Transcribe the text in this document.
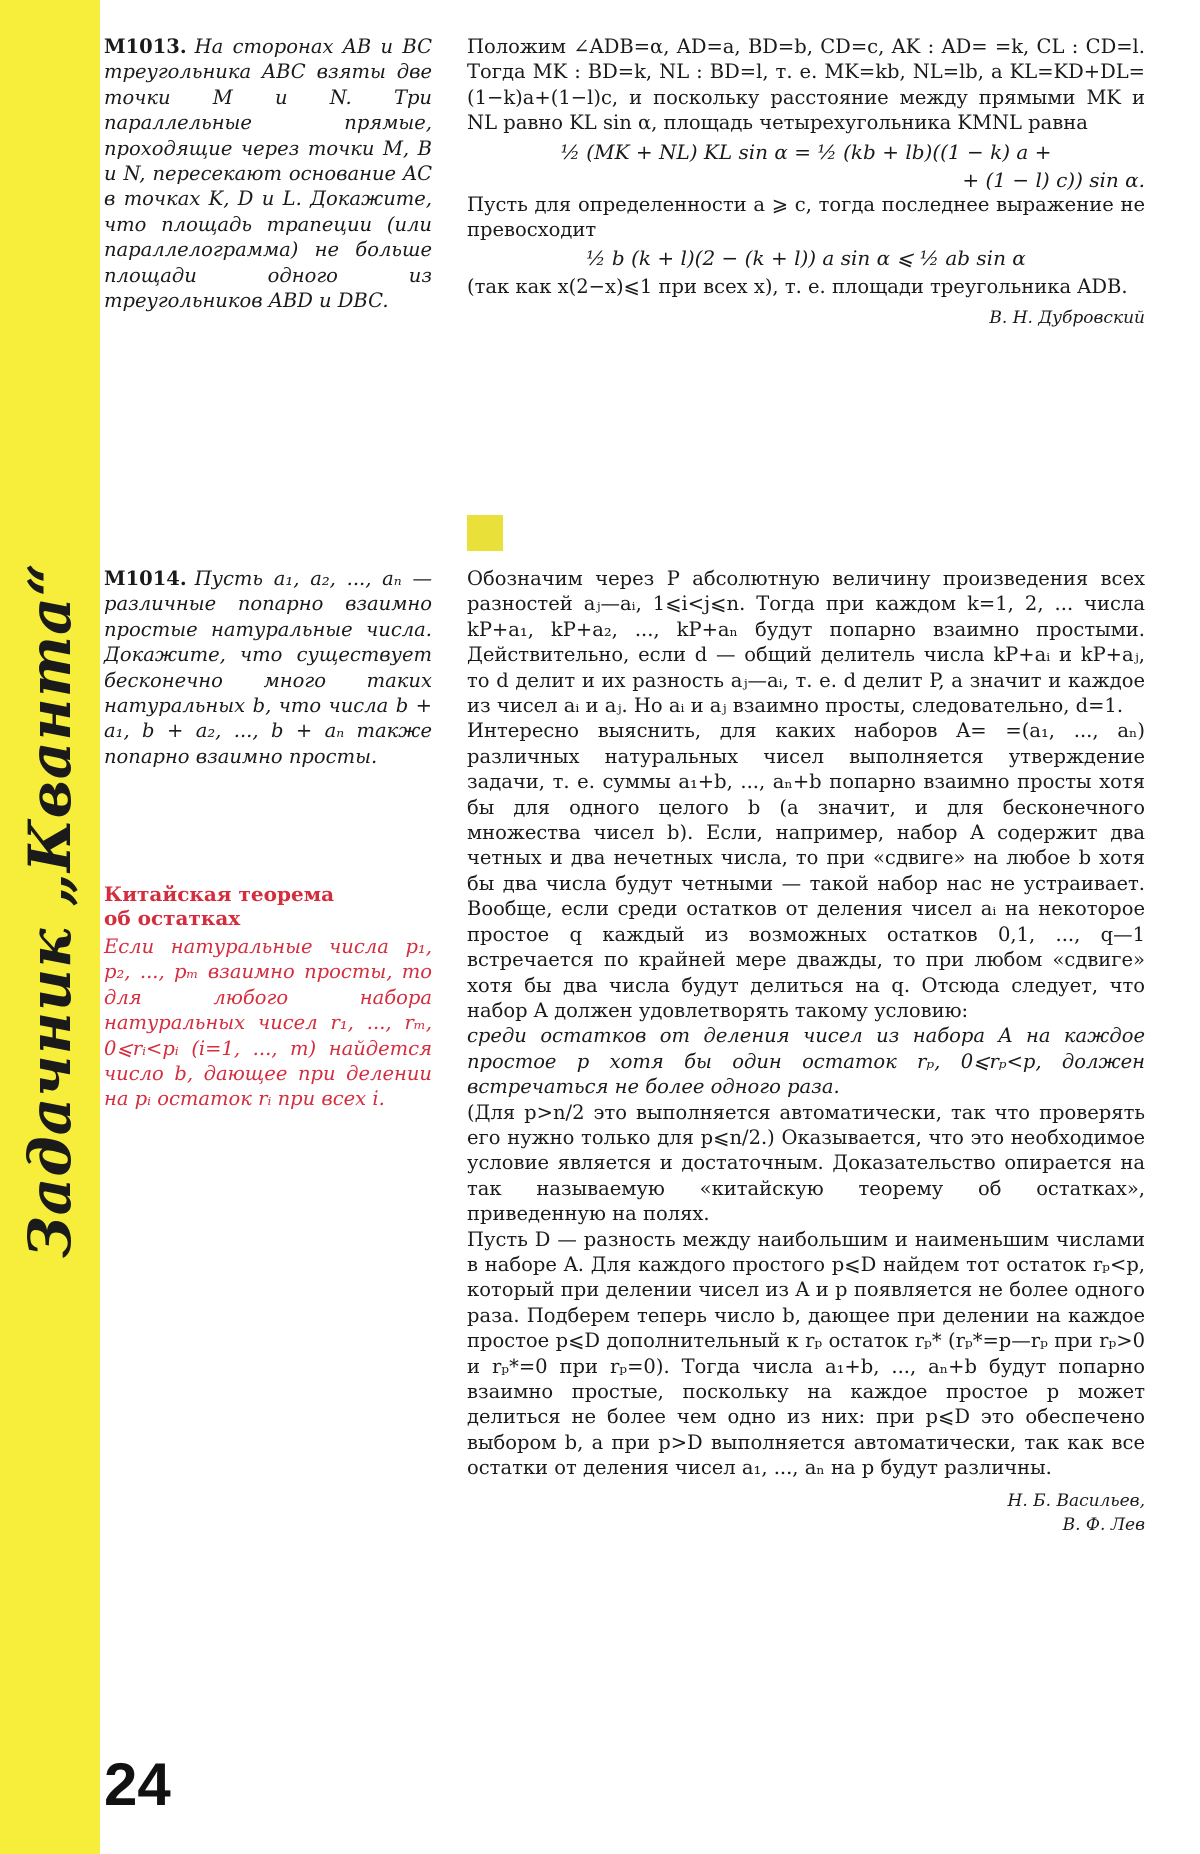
Задачник „Кванта“

М1013. На сторонах AB и BC треугольника ABC взяты две точки M и N. Три параллельные прямые, проходящие через точки M, B и N, пересекают основание AC в точках K, D и L. Докажите, что площадь трапеции (или параллелограмма) не больше площади одного из треугольников ABD и DBC.

Положим ∠ADB=α, AD=a, BD=b, CD=c, AK : AD= =k, CL : CD=l. Тогда MK : BD=k, NL : BD=l, т. е. MK=kb, NL=lb, а KL=KD+DL=(1−k)a+(1−l)c, и поскольку расстояние между прямыми MK и NL равно KL sin α, площадь четырехугольника KMNL равна

½ (MK + NL) KL sin α = ½ (kb + lb)((1 − k) a +

+ (1 − l) c)) sin α.

Пусть для определенности a ⩾ c, тогда последнее выражение не превосходит

½ b (k + l)(2 − (k + l)) a sin α ⩽ ½ ab sin α

(так как x(2−x)⩽1 при всех x), т. е. площади треугольника ADB.

В. Н. Дубровский

М1014. Пусть a₁, a₂, ..., aₙ — различные попарно взаимно простые натуральные числа. Докажите, что существует бесконечно много таких натуральных b, что числа b + a₁, b + a₂, ..., b + aₙ также попарно взаимно просты.

Китайская теорема

об остатках

Если натуральные числа p₁, p₂, ..., pₘ взаимно просты, то для любого набора натуральных чисел r₁, ..., rₘ, 0⩽rᵢ<pᵢ (i=1, ..., m) найдется число b, дающее при делении на pᵢ остаток rᵢ при всех i.

Обозначим через P абсолютную величину произведения всех разностей aⱼ—aᵢ, 1⩽i<j⩽n. Тогда при каждом k=1, 2, ... числа kP+a₁, kP+a₂, ..., kP+aₙ будут попарно взаимно простыми. Действительно, если d — общий делитель числа kP+aᵢ и kP+aⱼ, то d делит и их разность aⱼ—aᵢ, т. е. d делит P, а значит и каждое из чисел aᵢ и aⱼ. Но aᵢ и aⱼ взаимно просты, следовательно, d=1.

Интересно выяснить, для каких наборов A= =(a₁, ..., aₙ) различных натуральных чисел выполняется утверждение задачи, т. е. суммы a₁+b, ..., aₙ+b попарно взаимно просты хотя бы для одного целого b (а значит, и для бесконечного множества чисел b). Если, например, набор A содержит два четных и два нечетных числа, то при «сдвиге» на любое b хотя бы два числа будут четными — такой набор нас не устраивает. Вообще, если среди остатков от деления чисел aᵢ на некоторое простое q каждый из возможных остатков 0,1, ..., q—1 встречается по крайней мере дважды, то при любом «сдвиге» хотя бы два числа будут делиться на q. Отсюда следует, что набор A должен удовлетворять такому условию:

среди остатков от деления чисел из набора A на каждое простое p хотя бы один остаток rₚ, 0⩽rₚ<p, должен встречаться не более одного раза.

(Для p>n/2 это выполняется автоматически, так что проверять его нужно только для p⩽n/2.) Оказывается, что это необходимое условие является и достаточным. Доказательство опирается на так называемую «китайскую теорему об остатках», приведенную на полях.

Пусть D — разность между наибольшим и наименьшим числами в наборе A. Для каждого простого p⩽D найдем тот остаток rₚ<p, который при делении чисел из A и p появляется не более одного раза. Подберем теперь число b, дающее при делении на каждое простое p⩽D дополнительный к rₚ остаток rₚ* (rₚ*=p—rₚ при rₚ>0 и rₚ*=0 при rₚ=0). Тогда числа a₁+b, ..., aₙ+b будут попарно взаимно простые, поскольку на каждое простое p может делиться не более чем одно из них: при p⩽D это обеспечено выбором b, а при p>D выполняется автоматически, так как все остатки от деления чисел a₁, ..., aₙ на p будут различны.

Н. Б. Васильев,

В. Ф. Лев

24
